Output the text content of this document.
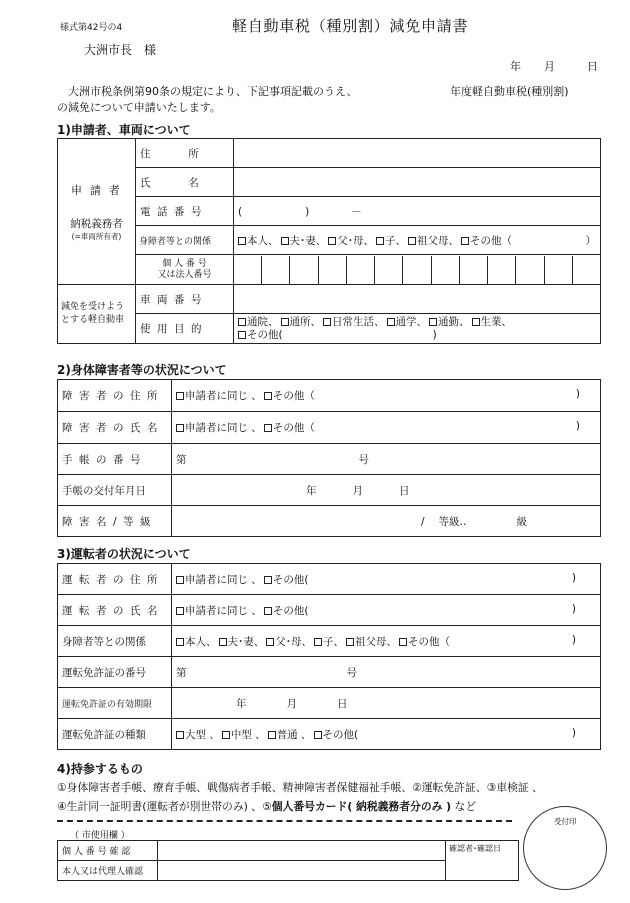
様式第42号の4	軽自動車税（種別割）減免申請書
大洲市長　様
年 月	日
大洲市税条例第90条の規定により、下記事項記載のうえ、	年度軽自動車税(種別割)
の減免について申請いたします。
1)申請者、車両について
申 請 者
納税義務者
(=車両所有者)	住　　　所	
	氏　　　名	
	電 話 番 号	(　　　　　　)　　　　－
	身障者等との関係	本人、 夫･妻、 父･母、 子、 祖父母、 その他（ ）

	個 人 番 号
又は法人番号	

減免を受けよう
とする軽自動車	車 両 番 号	
	使 用 目 的	通院、 通所、 日常生活、 通学、 通勤、 生業、
その他( )
2)身体障害者等の状況について
障 害 者 の 住 所	申請者に同じ 、 その他（ )

障 害 者 の 氏 名	申請者に同じ 、 その他（ )

手 帳 の 番 号	第 号
手帳の交付年月日	年 月 日
障 害 名 / 等 級	/ 等級‥ 級
3)運転者の状況について
運 転 者 の 住 所	申請者に同じ 、 その他( )

運 転 者 の 氏 名	申請者に同じ 、 その他( )

身障者等との関係	本人、 夫･妻、 父･母、 子、 祖父母、 その他（ )

運転免許証の番号	第 号
運転免許証の有効期限	年 月 日
運転免許証の種類	大型 、 中型 、 普通 、 その他( )
4)持参するもの
①身体障害者手帳、療育手帳、戦傷病者手帳、精神障害者保健福祉手帳、②運転免許証、③車検証 、
④生計同一証明書(運転者が別世帯のみ) 、⑤個人番号カード( 納税義務者分のみ ) など
（ 市使用欄 ）
個 人 番 号 確 認		確認者･確認日
本人又は代理人確認		
受付印
